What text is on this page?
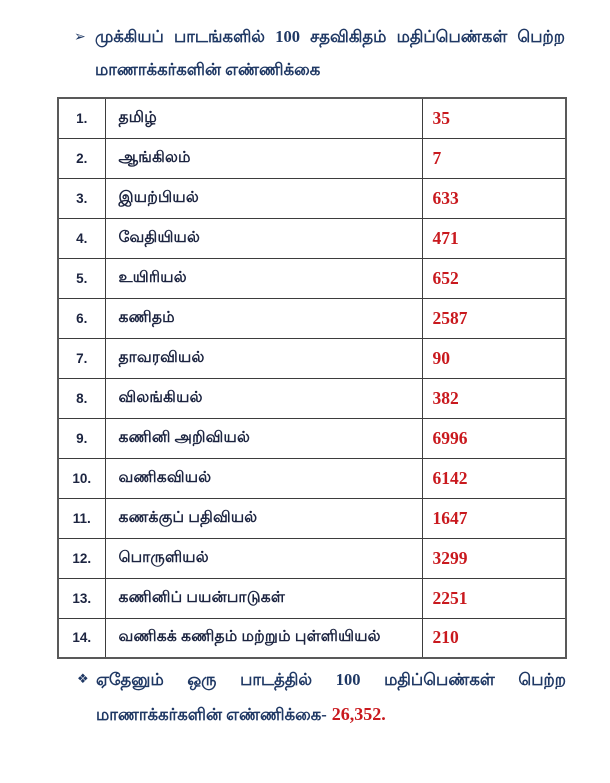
➢ முக்கியப் பாடங்களில் 100 சதவிகிதம் மதிப்பெண்கள் பெற்ற
மாணாக்கர்களின் எண்ணிக்கை
1.	தமிழ்	35
2.	ஆங்கிலம்	7
3.	இயற்பியல்	633
4.	வேதியியல்	471
5.	உயிரியல்	652
6.	கணிதம்	2587
7.	தாவரவியல்	90
8.	விலங்கியல்	382
9.	கணினி அறிவியல்	6996
10.	வணிகவியல்	6142
11.	கணக்குப் பதிவியல்	1647
12.	பொருளியல்	3299
13.	கணினிப் பயன்பாடுகள்	2251
14.	வணிகக் கணிதம் மற்றும் புள்ளியியல்	210
❖ ஏதேனும் ஒரு பாடத்தில் 100 மதிப்பெண்கள் பெற்ற
மாணாக்கர்களின் எண்ணிக்கை- 26,352.
